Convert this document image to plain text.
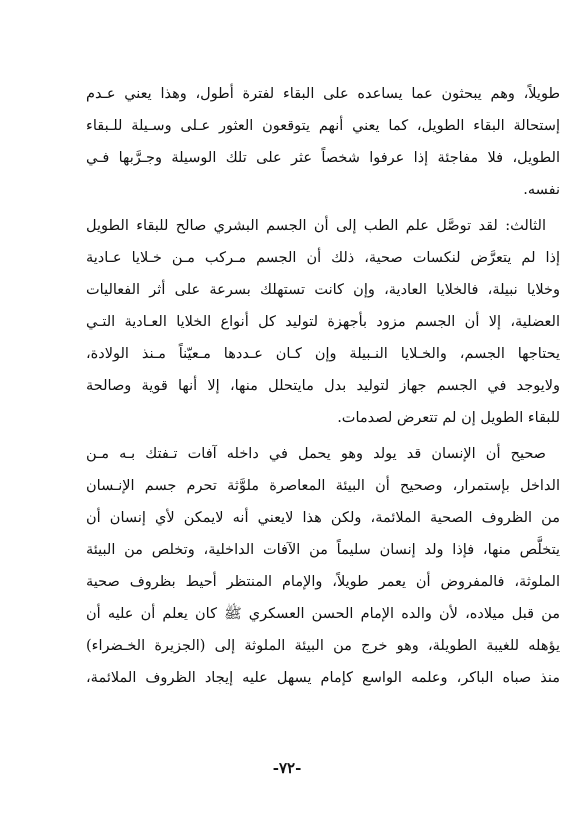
طويلاً، وهم يبحثون عما يساعده على البقاء لفترة أطول، وهذا يعني عـدم
إستحالة البقاء الطويل، كما يعني أنهم يتوقعون العثور عـلى وسـيلة للـبقاء
الطويل، فلا مفاجئة إذا عرفوا شخصاً عثر على تلك الوسيلة وجـرَّبها فـي
نفسه.
الثالث: لقد توصَّل علم الطب إلى أن الجسم البشري صالح للبقاء الطويل
إذا لم يتعرَّض لنكسات صحية، ذلك أن الجسم مـركب مـن خـلايا عـادية
وخلايا نبيلة، فالخلايا العادية، وإن كانت تستهلك بسرعة على أثر الفعاليات
العضلية، إلا أن الجسم مزود بأجهزة لتوليد كل أنواع الخلايا العـادية التـي
يحتاجها الجسم، والخـلايا النـبيلة وإن كـان عـددها مـعيّناً مـنذ الولادة،
ولايوجد في الجسم جهاز لتوليد بدل مايتحلل منها، إلا أنها قوية وصالحة
للبقاء الطويل إن لم تتعرض لصدمات.
صحيح أن الإنسان قد يولد وهو يحمل في داخله آفات تـفتك بـه مـن
الداخل بإستمرار، وصحيح أن البيئة المعاصرة ملوَّثة تحرم جسم الإنـسان
من الظروف الصحية الملائمة، ولكن هذا لايعني أنه لايمكن لأي إنسان أن
يتخلَّص منها، فإذا ولد إنسان سليماً من الآفات الداخلية، وتخلص من البيئة
الملوثة، فالمفروض أن يعمر طويلاً، والإمام المنتظر أحيط بظروف صحية
من قبل ميلاده، لأن والده الإمام الحسن العسكري ﷺ كان يعلم أن عليه أن
يؤهله للغيبة الطويلة، وهو خرج من البيئة الملوثة إلى (الجزيرة الخـضراء)
منذ صباه الباكر، وعلمه الواسع كإمام يسهل عليه إيجاد الظروف الملائمة،
-٧٢-
